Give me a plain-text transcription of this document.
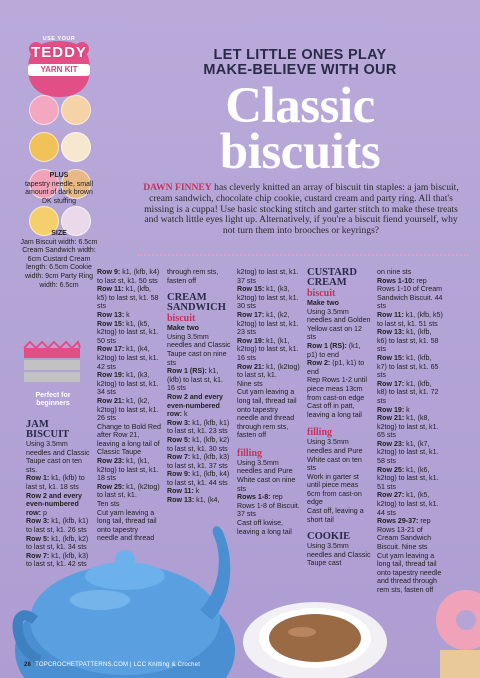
USE YOUR
TEDDY
YARN KIT
PLUS
tapestry needle, small amount of dark brown DK stuffing
SIZE
Jam Biscuit width: 6.5cm Cream Sandwich width: 6cm Custard Cream length: 6.5cm Cookie width: 9cm Party Ring width: 6.5cm
Perfect for beginners
LET LITTLE ONES PLAY
MAKE-BELIEVE WITH OUR
Classic
biscuits
DAWN FINNEY has cleverly knitted an array of biscuit tin staples: a jam biscuit, cream sandwich, chocolate chip cookie, custard cream and party ring. All that's missing is a cuppa! Use basic stocking stitch and garter stitch to make these treats and watch little eyes light up. Alternatively, if you're a biscuit fiend yourself, why not turn them into brooches or keyrings?
JAM
BISCUIT

Using 3.5mm needles and Classic Taupe cast on ten sts.

Row 1: k1, (kfb) to last st, k1. 18 sts

Row 2 and every even-numbered row: p

Row 3: k1, (kfb, k1) to last st, k1. 26 sts

Row 5: k1, (kfb, k2) to last st, k1. 34 sts

Row 7: k1, (kfb, k3) to last st, k1. 42 sts

Row 9: k1, (kfb, k4) to last st, k1. 50 sts

Row 11: k1, (kfb, k5) to last st, k1. 58 sts

Row 13: k

Row 15: k1, (k5, k2tog) to last st, k1. 50 sts

Row 17: k1, (k4, k2tog) to last st, k1. 42 sts

Row 19: k1, (k3, k2tog) to last st, k1. 34 sts

Row 21: k1, (k2, k2tog) to last st, k1. 26 sts

Change to Bold Red after Row 21, leaving a long tail of Classic Taupe

Row 23: k1, (k1, k2tog) to last st, k1. 18 sts

Row 25: k1, (k2tog) to last st, k1.

Ten sts

Cut yarn leaving a long tail, thread tail onto tapestry needle and thread

through rem sts, fasten off

CREAM
SANDWICH
biscuit

Make two

Using 3.5mm needles and Classic Taupe cast on nine sts

Row 1 (RS): k1, (kfb) to last st, k1. 16 sts

Row 2 and every even-numbered row: k

Row 3: k1, (kfb, k1) to last st, k1. 23 sts

Row 5: k1, (kfb, k2) to last st, k1. 30 sts

Row 7: k1, (kfb, k3) to last st, k1. 37 sts

Row 9: k1, (kfb, k4) to last st, k1. 44 sts

Row 11: k

Row 13: k1, (k4,

k2tog) to last st, k1. 37 sts

Row 15: k1, (k3, k2tog) to last st, k1. 30 sts

Row 17: k1, (k2, k2tog) to last st, k1. 23 sts

Row 19: k1, (k1, k2tog) to last st, k1. 16 sts

Row 21: k1, (k2tog) to last st, k1.

Nine sts

Cut yarn leaving a long tail, thread tail onto tapestry needle and thread through rem sts, fasten off

filling

Using 3.5mm needles and Pure White cast on nine sts

Rows 1-8: rep Rows 1-8 of Biscuit. 37 sts

Cast off kwise, leaving a long tail

CUSTARD
CREAM
biscuit

Make two

Using 3.5mm needles and Golden Yellow cast on 12 sts

Row 1 (RS): (k1, p1) to end

Row 2: (p1, k1) to end

Rep Rows 1-2 until piece meas 13cm from cast-on edge

Cast off in patt, leaving a long tail

filling

Using 3.5mm needles and Pure White cast on ten sts

Work in garter st until piece meas 6cm from cast-on edge

Cast off, leaving a short tail

COOKIE

Using 3.5mm needles and Classic Taupe cast

on nine sts

Rows 1-10: rep Rows 1-10 of Cream Sandwich Biscuit. 44 sts

Row 11: k1, (kfb, k5) to last st, k1. 51 sts

Row 13: k1, (kfb, k6) to last st, k1. 58 sts

Row 15: k1, (kfb, k7) to last st, k1. 65 sts

Row 17: k1, (kfb, k8) to last st, k1. 72 sts

Row 19: k

Row 21: k1, (k8, k2tog) to last st, k1. 65 sts

Row 23: k1, (k7, k2tog) to last st, k1. 58 sts

Row 25: k1, (k6, k2tog) to last st, k1. 51 sts

Row 27: k1, (k5, k2tog) to last st, k1. 44 sts

Rows 29-37: rep Rows 13-21 of Cream Sandwich Biscuit. Nine sts

Cut yarn leaving a long tail, thread tail onto tapestry needle and thread through rem sts, fasten off

28 TOPCROCHETPATTERNS.COM | LCC Knitting & Crochet
